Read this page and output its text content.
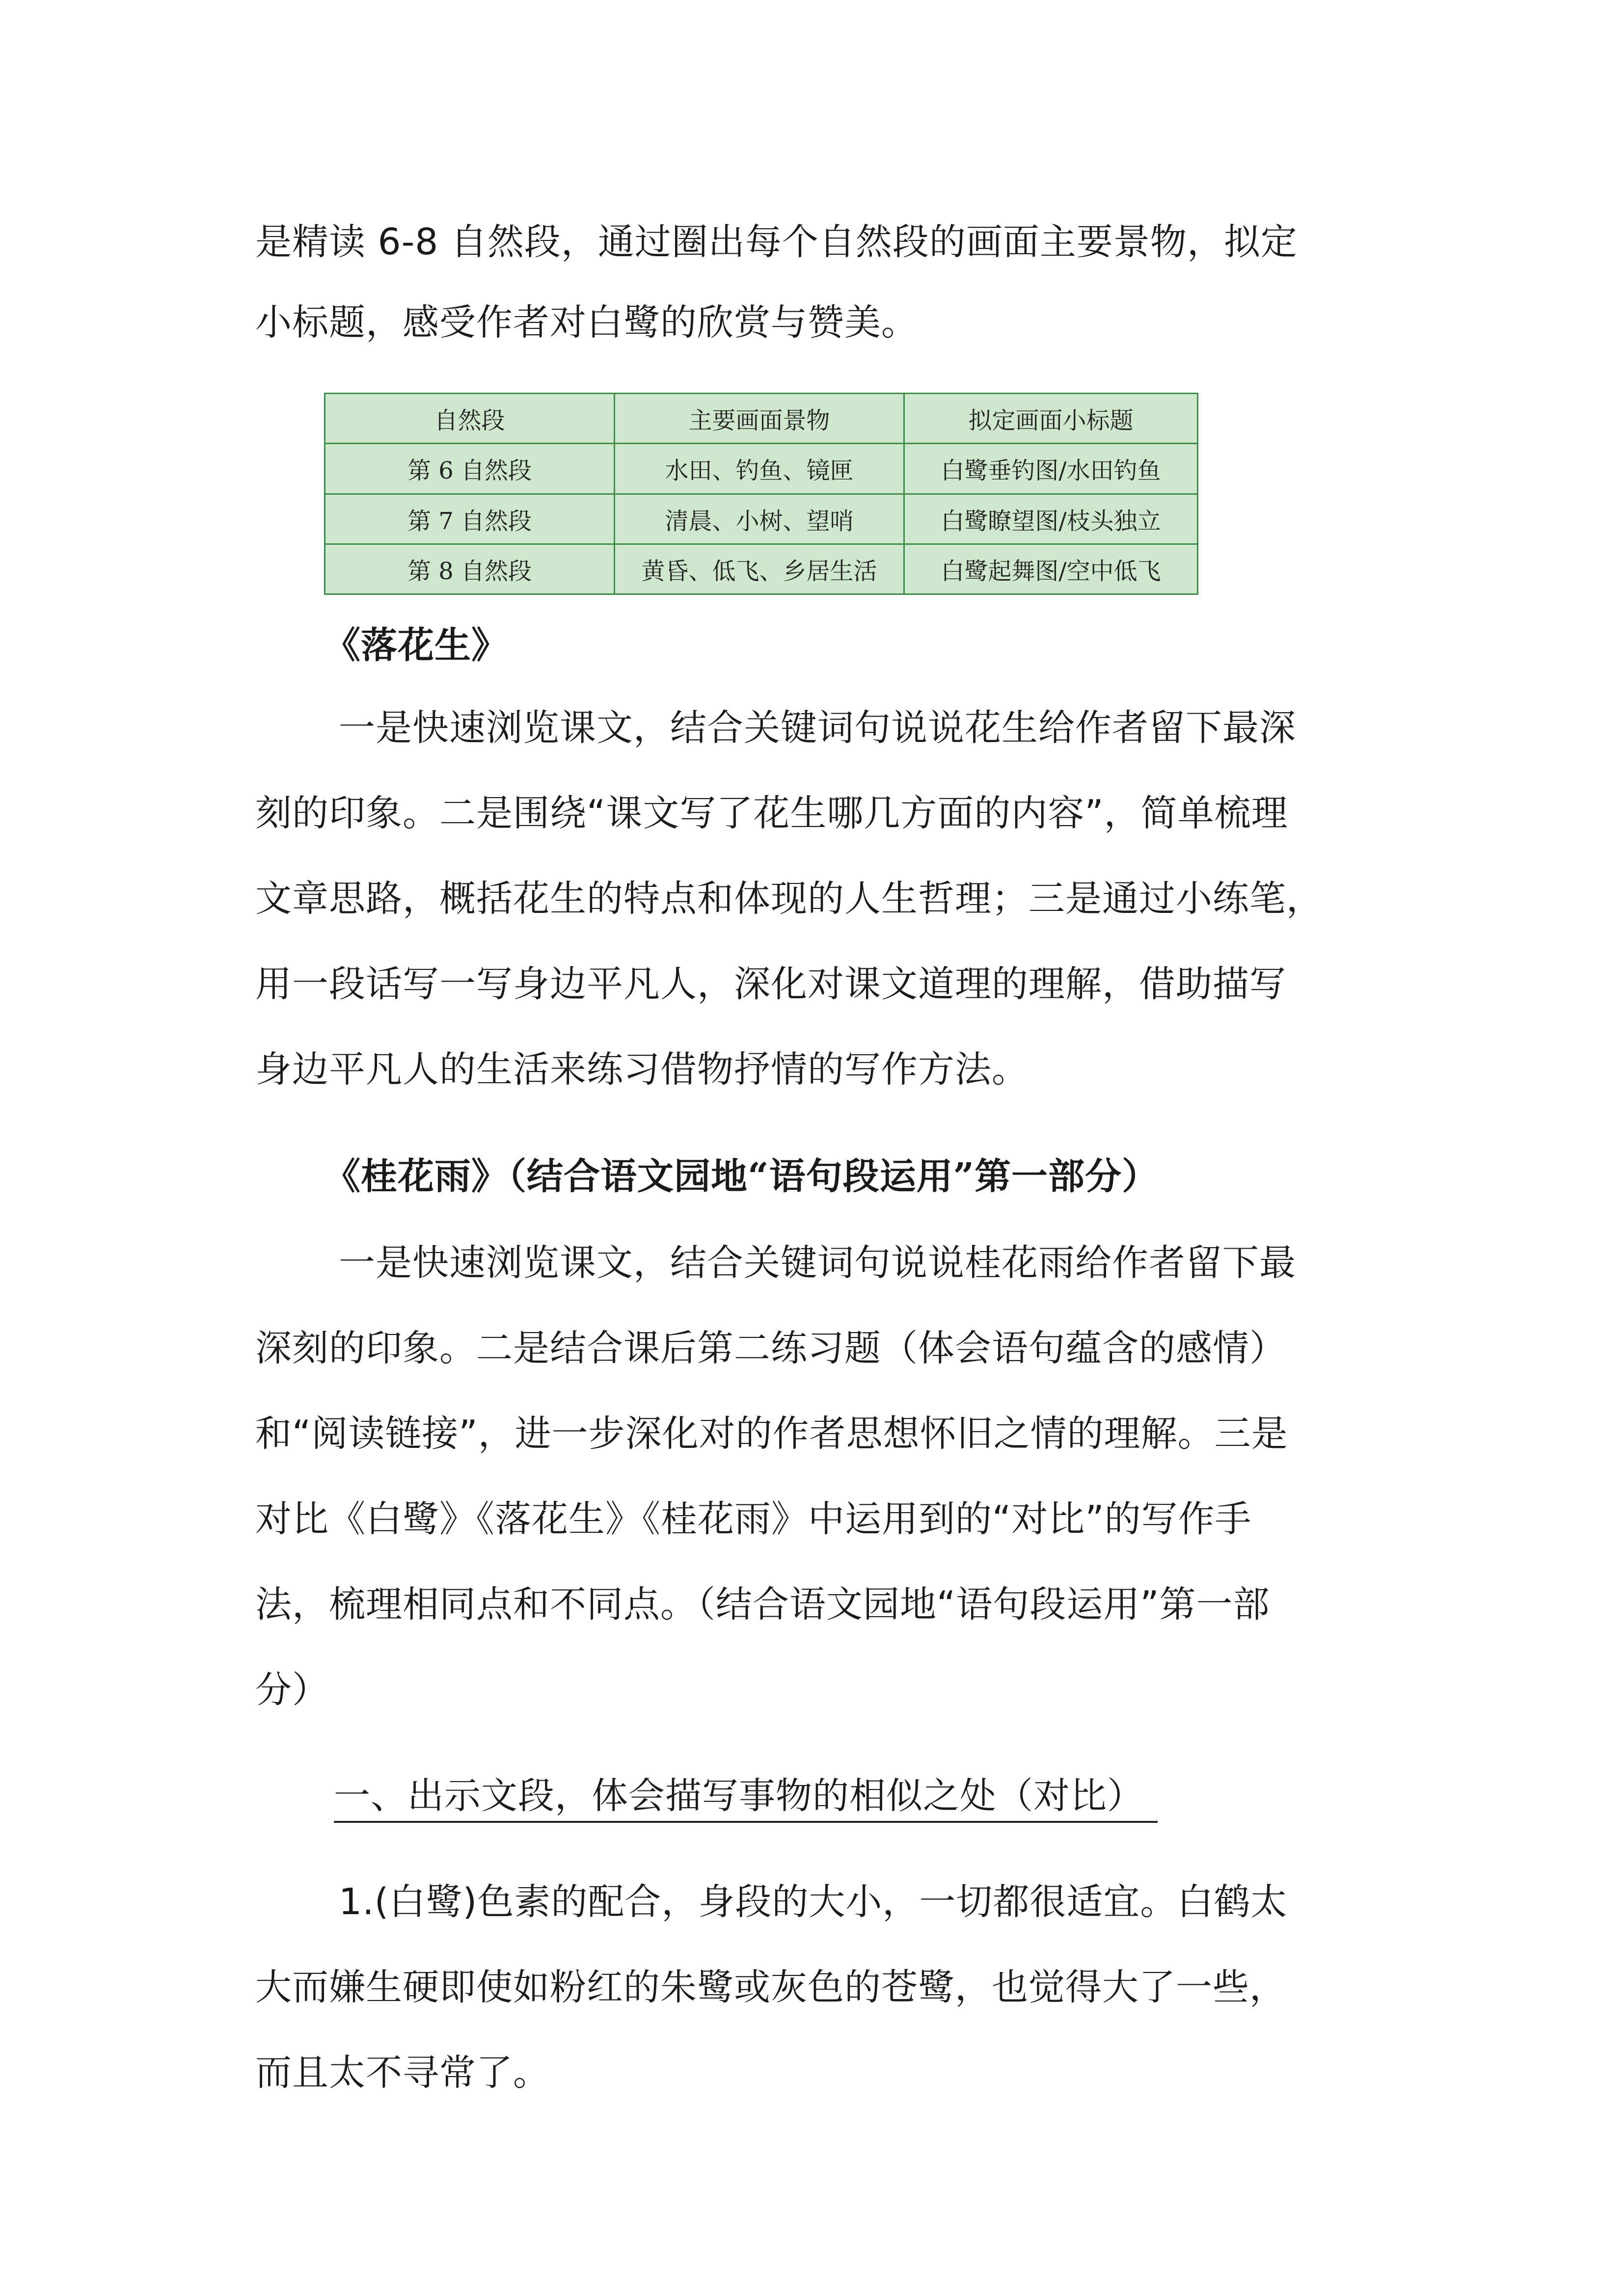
是精读 6-8 自然段，通过圈出每个自然段的画面主要景物，拟定
小标题，感受作者对白鹭的欣赏与赞美。
自然段	主要画面景物	拟定画面小标题
第 6 自然段	水田、钓鱼、镜匣	白鹭垂钓图/水田钓鱼
第 7 自然段	清晨、小树、望哨	白鹭瞭望图/枝头独立
第 8 自然段	黄昏、低飞、乡居生活	白鹭起舞图/空中低飞
《落花生》
一是快速浏览课文，结合关键词句说说花生给作者留下最深
刻的印象。二是围绕“课文写了花生哪几方面的内容”，简单梳理
文章思路，概括花生的特点和体现的人生哲理；三是通过小练笔，
用一段话写一写身边平凡人，深化对课文道理的理解，借助描写
身边平凡人的生活来练习借物抒情的写作方法。
《桂花雨》（结合语文园地“语句段运用”第一部分）
一是快速浏览课文，结合关键词句说说桂花雨给作者留下最
深刻的印象。二是结合课后第二练习题（体会语句蕴含的感情）
和“阅读链接”，进一步深化对的作者思想怀旧之情的理解。三是
对比《白鹭》《落花生》《桂花雨》中运用到的“对比”的写作手
法，梳理相同点和不同点。（结合语文园地“语句段运用”第一部
分）
一、出示文段，体会描写事物的相似之处（对比）
1.(白鹭)色素的配合，身段的大小，一切都很适宜。白鹤太
大而嫌生硬即使如粉红的朱鹭或灰色的苍鹭，也觉得大了一些，
而且太不寻常了。
